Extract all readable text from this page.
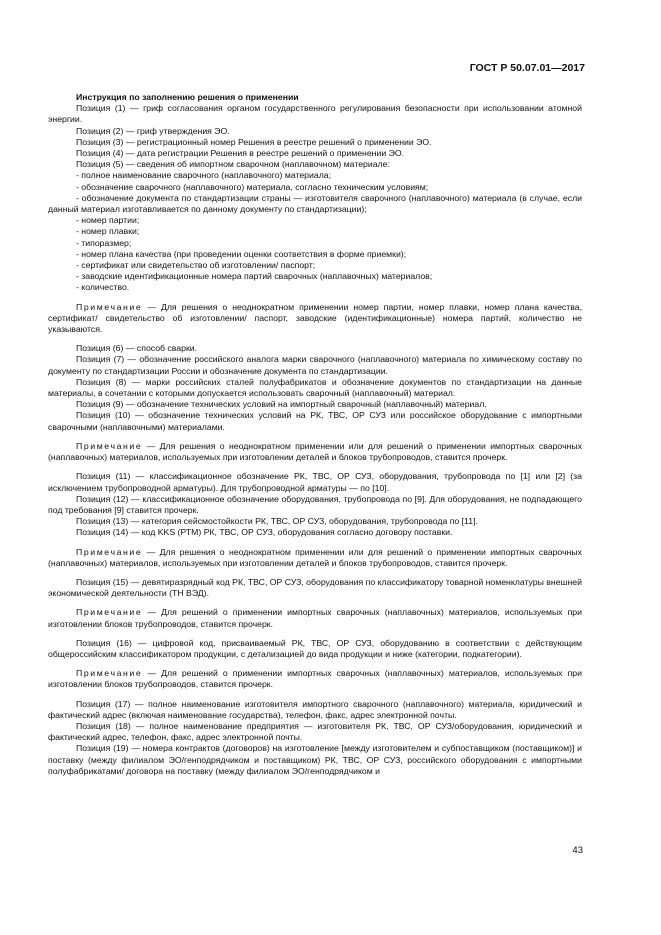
ГОСТ Р 50.07.01—2017

Инструкция по заполнению решения о применении

Позиция (1) — гриф согласования органом государственного регулирования безопасности при использовании атомной энергии.

Позиция (2) — гриф утверждения ЭО.

Позиция (3) — регистрационный номер Решения в реестре решений о применении ЭО.

Позиция (4) — дата регистрации Решения в реестре решений о применении ЭО.

Позиция (5) — сведения об импортном сварочном (наплавочном) материале:

- полное наименование сварочного (наплавочного) материала;

- обозначение сварочного (наплавочного) материала, согласно техническим условиям;

- обозначение документа по стандартизации страны — изготовителя сварочного (наплавочного) материала (в случае, если данный материал изготавливается по данному документу по стандартизации);

- номер партии;

- номер плавки;

- типоразмер;

- номер плана качества (при проведении оценки соответствия в форме приемки);

- сертификат или свидетельство об изготовлении/ паспорт;

- заводские идентификационные номера партий сварочных (наплавочных) материалов;

- количество.

Примечание — Для решения о неоднократном применении номер партии, номер плавки, номер плана качества, сертификат/ свидетельство об изготовлении/ паспорт, заводские (идентификационные) номера партий, количество не указываются.

Позиция (6) — способ сварки.

Позиция (7) — обозначение российского аналога марки сварочного (наплавочного) материала по химическому составу по документу по стандартизации России и обозначение документа по стандартизации.

Позиция (8) — марки российских сталей полуфабрикатов и обозначение документов по стандартизации на данные материалы, в сочетании с которыми допускается использовать сварочный (наплавочный) материал.

Позиция (9) — обозначение технических условий на импортный сварочный (наплавочный) материал.

Позиция (10) — обозначение технических условий на РК, ТВС, ОР СУЗ или российское оборудование с импортными сварочными (наплавочными) материалами.

Примечание — Для решения о неоднократном применении или для решений о применении импортных сварочных (наплавочных) материалов, используемых при изготовлении деталей и блоков трубопроводов, ставится прочерк.

Позиция (11) — классификационное обозначение РК, ТВС, ОР СУЗ, оборудования, трубопровода по [1] или [2] (за исключением трубопроводной арматуры). Для трубопроводной арматуры — по [10].

Позиция (12) — классификационное обозначение оборудования, трубопровода по [9]. Для оборудования, не подпадающего под требования [9] ставится прочерк.

Позиция (13) — категория сейсмостойкости РК, ТВС, ОР СУЗ, оборудования, трубопровода по [11].

Позиция (14) — код KKS (РТМ) РК, ТВС, ОР СУЗ, оборудования согласно договору поставки.

Примечание — Для решения о неоднократном применении или для решений о применении импортных сварочных (наплавочных) материалов, используемых при изготовлении деталей и блоков трубопроводов, ставится прочерк.

Позиция (15) — девятиразрядный код РК, ТВС, ОР СУЗ, оборудования по классификатору товарной номенклатуры внешней экономической деятельности (ТН ВЭД).

Примечание — Для решений о применении импортных сварочных (наплавочных) материалов, используемых при изготовлении блоков трубопроводов, ставится прочерк.

Позиция (16) — цифровой код, присваиваемый РК, ТВС, ОР СУЗ, оборудованию в соответствии с действующим общероссийским классификатором продукции, с детализацией до вида продукции и ниже (категории, подкатегории).

Примечание — Для решений о применении импортных сварочных (наплавочных) материалов, используемых при изготовлении блоков трубопроводов, ставится прочерк.

Позиция (17) — полное наименование изготовителя импортного сварочного (наплавочного) материала, юридический и фактический адрес (включая наименование государства), телефон, факс, адрес электронной почты.

Позиция (18) — полное наименование предприятия — изготовителя РК, ТВС, ОР СУЗ/оборудования, юридический и фактический адрес, телефон, факс, адрес электронной почты.

Позиция (19) — номера контрактов (договоров) на изготовление [между изготовителем и субпоставщиком (поставщиком)] и поставку (между филиалом ЭО/генподрядчиком и поставщиком) РК, ТВС, ОР СУЗ, российского оборудования с импортными полуфабрикатами/ договора на поставку (между филиалом ЭО/генподрядчиком и

43
